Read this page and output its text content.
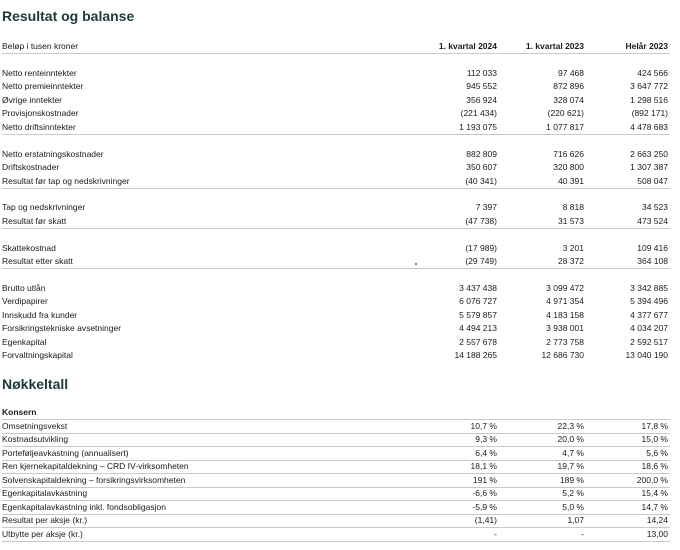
Resultat og balanse
Beløp i tusen kroner	1. kvartal 2024	1. kvartal 2023	Helår 2023
Netto renteinntekter	112 033	97 468	424 566
Netto premieinntekter	945 552	872 896	3 647 772
Øvrige inntekter	356 924	328 074	1 298 516
Provisjonskostnader	(221 434)	(220 621)	(892 171)
Netto driftsinntekter	1 193 075	1 077 817	4 478 683
Netto erstatningskostnader	882 809	716 626	2 663 250
Driftskostnader	350 607	320 800	1 307 387
Resultat før tap og nedskrivninger	(40 341)	40 391	508 047
Tap og nedskrivninger	7 397	8 818	34 523
Resultat før skatt	(47 738)	31 573	473 524
Skattekostnad	(17 989)	3 201	109 416
Resultat etter skatt	(29 749)	28 372	364 108
Brutto utlån	3 437 438	3 099 472	3 342 885
Verdipapirer	6 076 727	4 971 354	5 394 496
Innskudd fra kunder	5 579 857	4 183 158	4 377 677
Forsikringstekniske avsetninger	4 494 213	3 938 001	4 034 207
Egenkapital	2 557 678	2 773 758	2 592 517
Forvaltningskapital	14 188 265	12 686 730	13 040 190
Nøkkeltall
Konsern
Omsetningsvekst	10,7 %	22,3 %	17,8 %
Kostnadsutvikling	9,3 %	20,0 %	15,0 %
Porteføljeavkastning (annualisert)	6,4 %	4,7 %	5,6 %
Ren kjernekapitaldekning – CRD IV-virksomheten	18,1 %	19,7 %	18,6 %
Solvenskapitaldekning – forsikringsvirksomheten	191 %	189 %	200,0 %
Egenkapitalavkastning	-6,6 %	5,2 %	15,4 %
Egenkapitalavkastning inkl. fondsobligasjon	-5,9 %	5,0 %	14,7 %
Resultat per aksje (kr.)	(1,41)	1,07	14,24
Utbytte per aksje (kr.)	-	-	13,00
